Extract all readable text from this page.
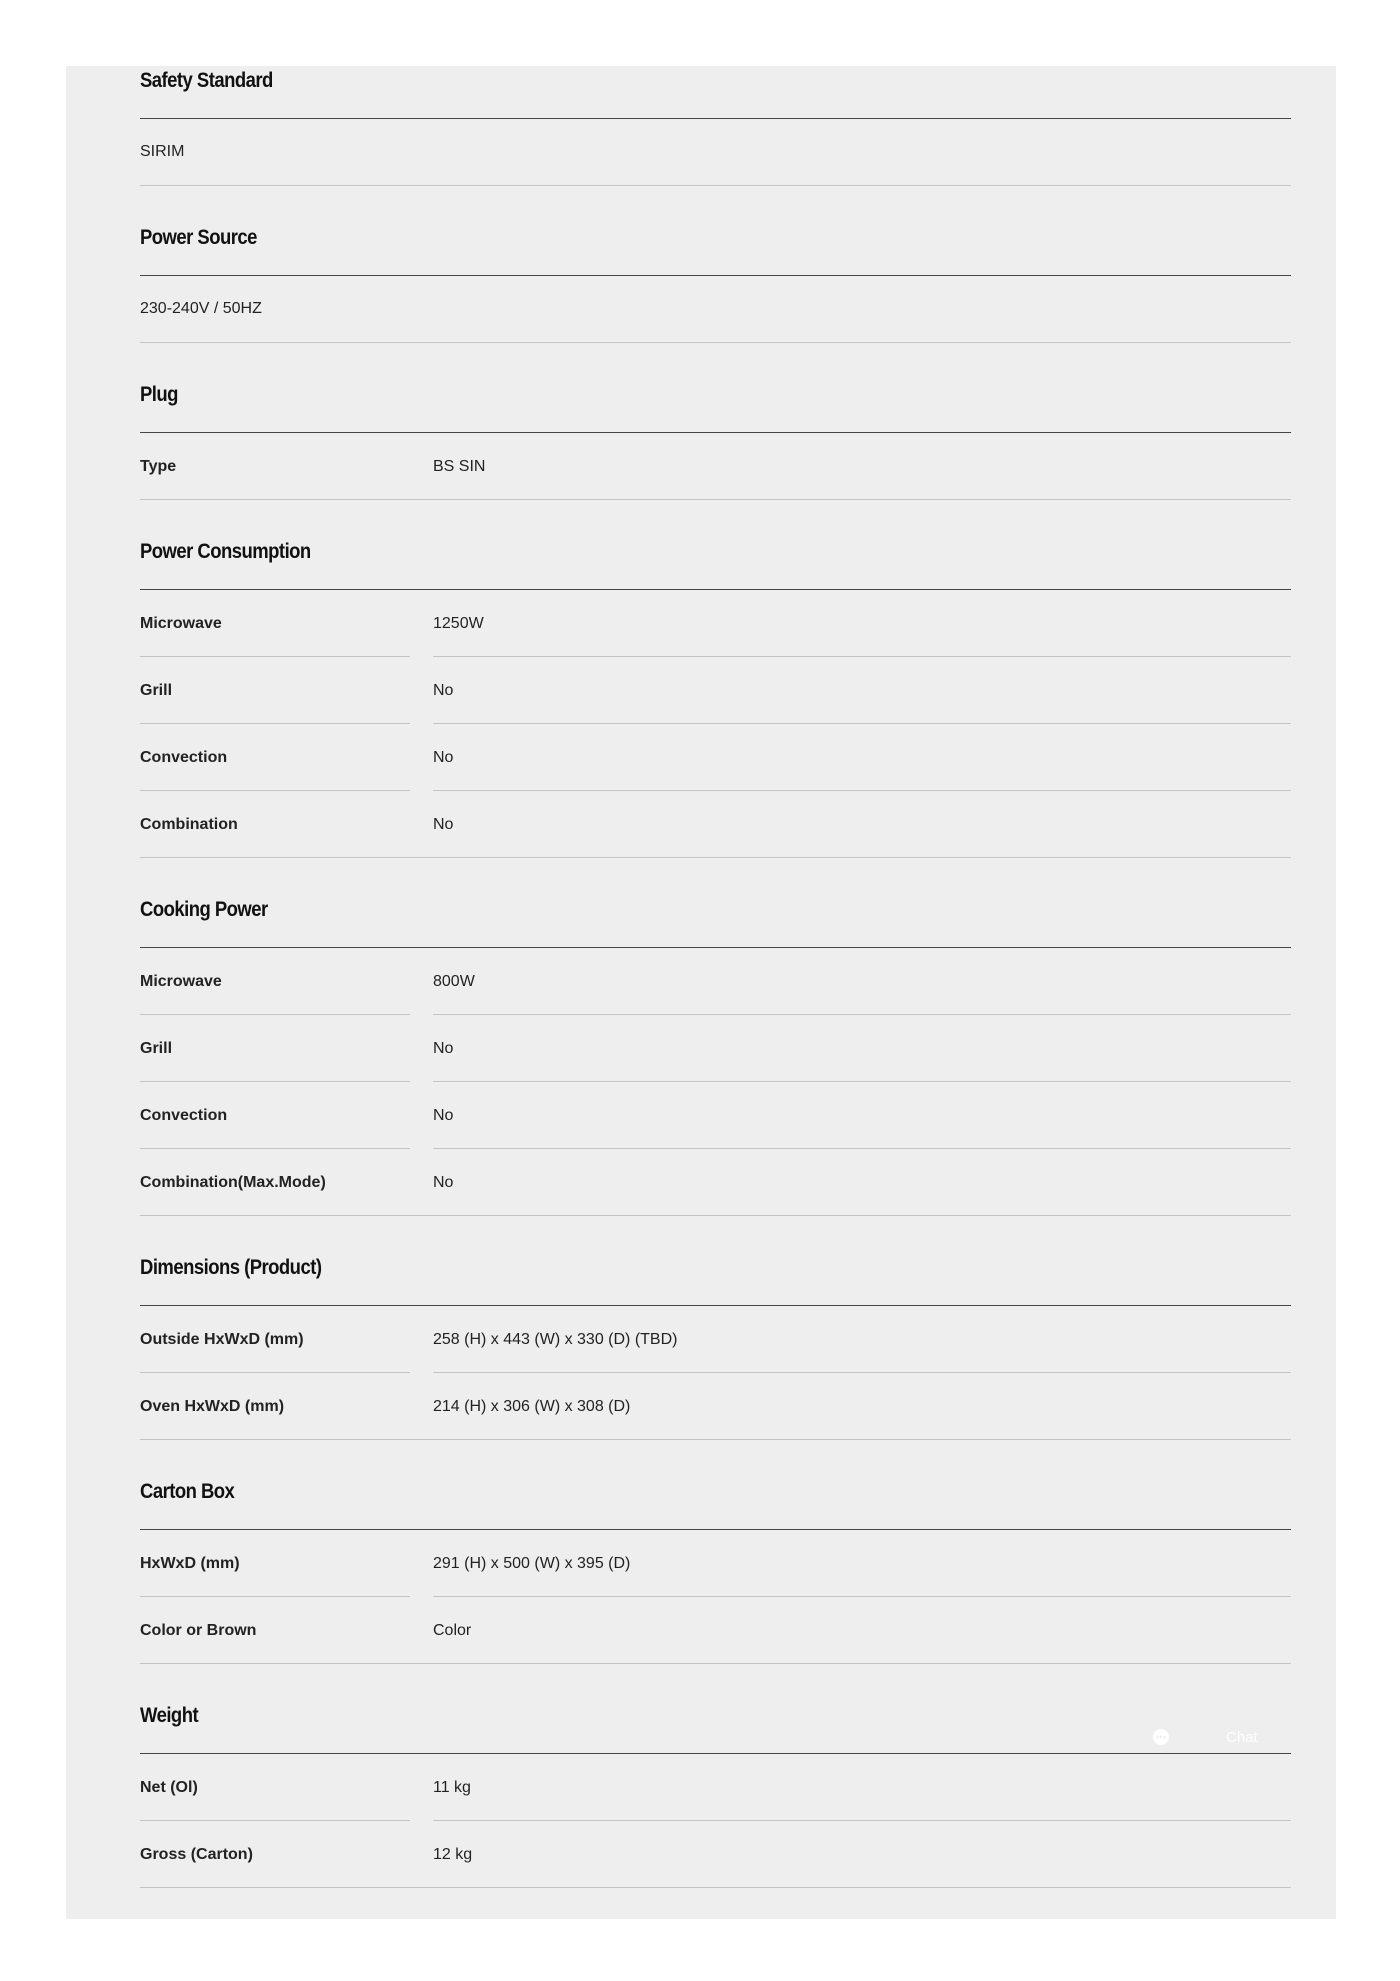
Safety Standard
SIRIM
Power Source
230-240V / 50HZ
Plug
Type	BS SIN
Power Consumption
Microwave	1250W
Grill	No
Convection	No
Combination	No
Cooking Power
Microwave	800W
Grill	No
Convection	No
Combination(Max.Mode)	No
Dimensions (Product)
Outside HxWxD (mm)	258 (H) x 443 (W) x 330 (D) (TBD)
Oven HxWxD (mm)	214 (H) x 306 (W) x 308 (D)
Carton Box
HxWxD (mm)	291 (H) x 500 (W) x 395 (D)
Color or Brown	Color
Weight
Net (Ol)	11 kg
Gross (Carton)	12 kg
Chat
